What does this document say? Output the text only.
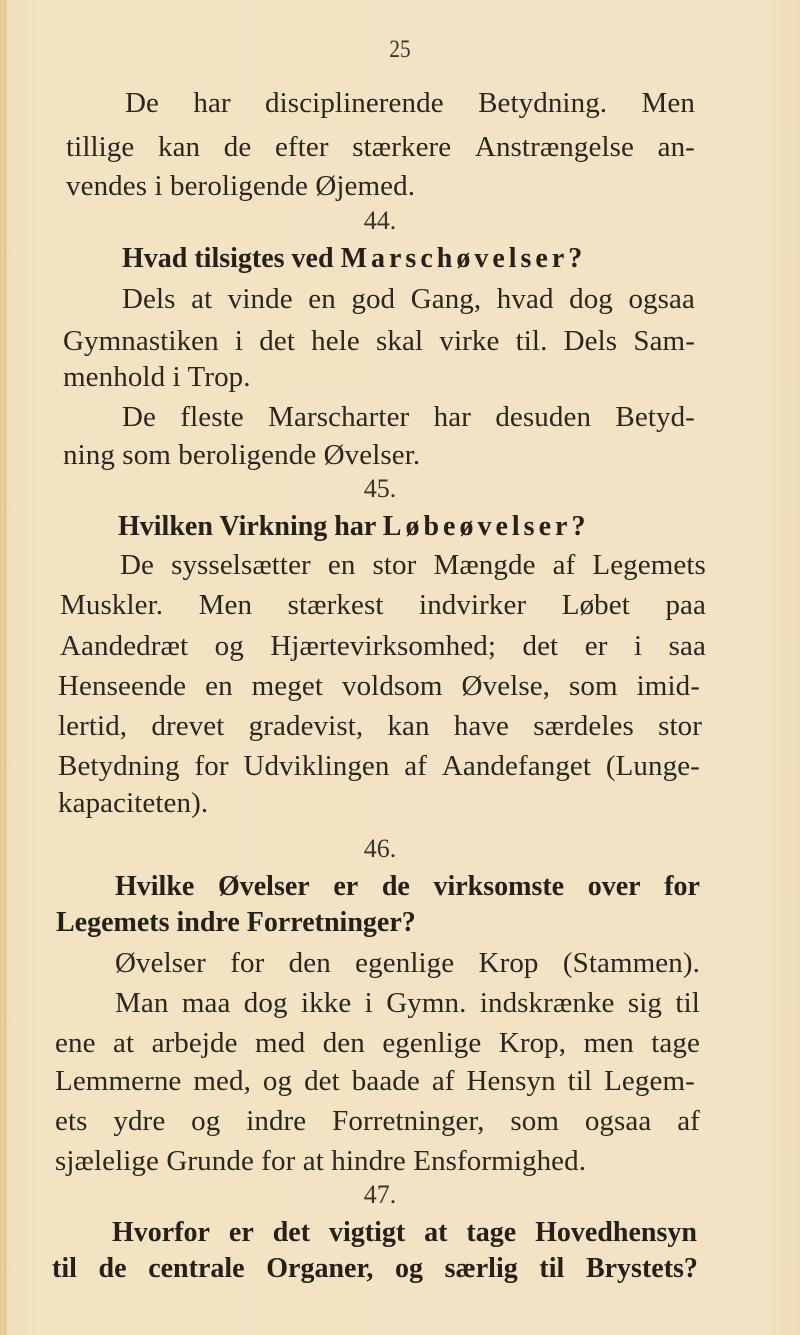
25
De har disciplinerende Betydning. Men
tillige kan de efter stærkere Anstrængelse an-
vendes i beroligende Øjemed.
44.
Hvad tilsigtes ved Marschøvelser?
Dels at vinde en god Gang, hvad dog ogsaa
Gymnastiken i det hele skal virke til. Dels Sam-
menhold i Trop.
De fleste Marscharter har desuden Betyd-
ning som beroligende Øvelser.
45.
Hvilken Virkning har Løbeøvelser?
De sysselsætter en stor Mængde af Legemets
Muskler. Men stærkest indvirker Løbet paa
Aandedræt og Hjærtevirksomhed; det er i saa
Henseende en meget voldsom Øvelse, som imid-
lertid, drevet gradevist, kan have særdeles stor
Betydning for Udviklingen af Aandefanget (Lunge-
kapaciteten).
46.
Hvilke Øvelser er de virksomste over for
Legemets indre Forretninger?
Øvelser for den egenlige Krop (Stammen).
Man maa dog ikke i Gymn. indskrænke sig til
ene at arbejde med den egenlige Krop, men tage
Lemmerne med, og det baade af Hensyn til Legem-
ets ydre og indre Forretninger, som ogsaa af
sjælelige Grunde for at hindre Ensformighed.
47.
Hvorfor er det vigtigt at tage Hovedhensyn
til de centrale Organer, og særlig til Brystets?
